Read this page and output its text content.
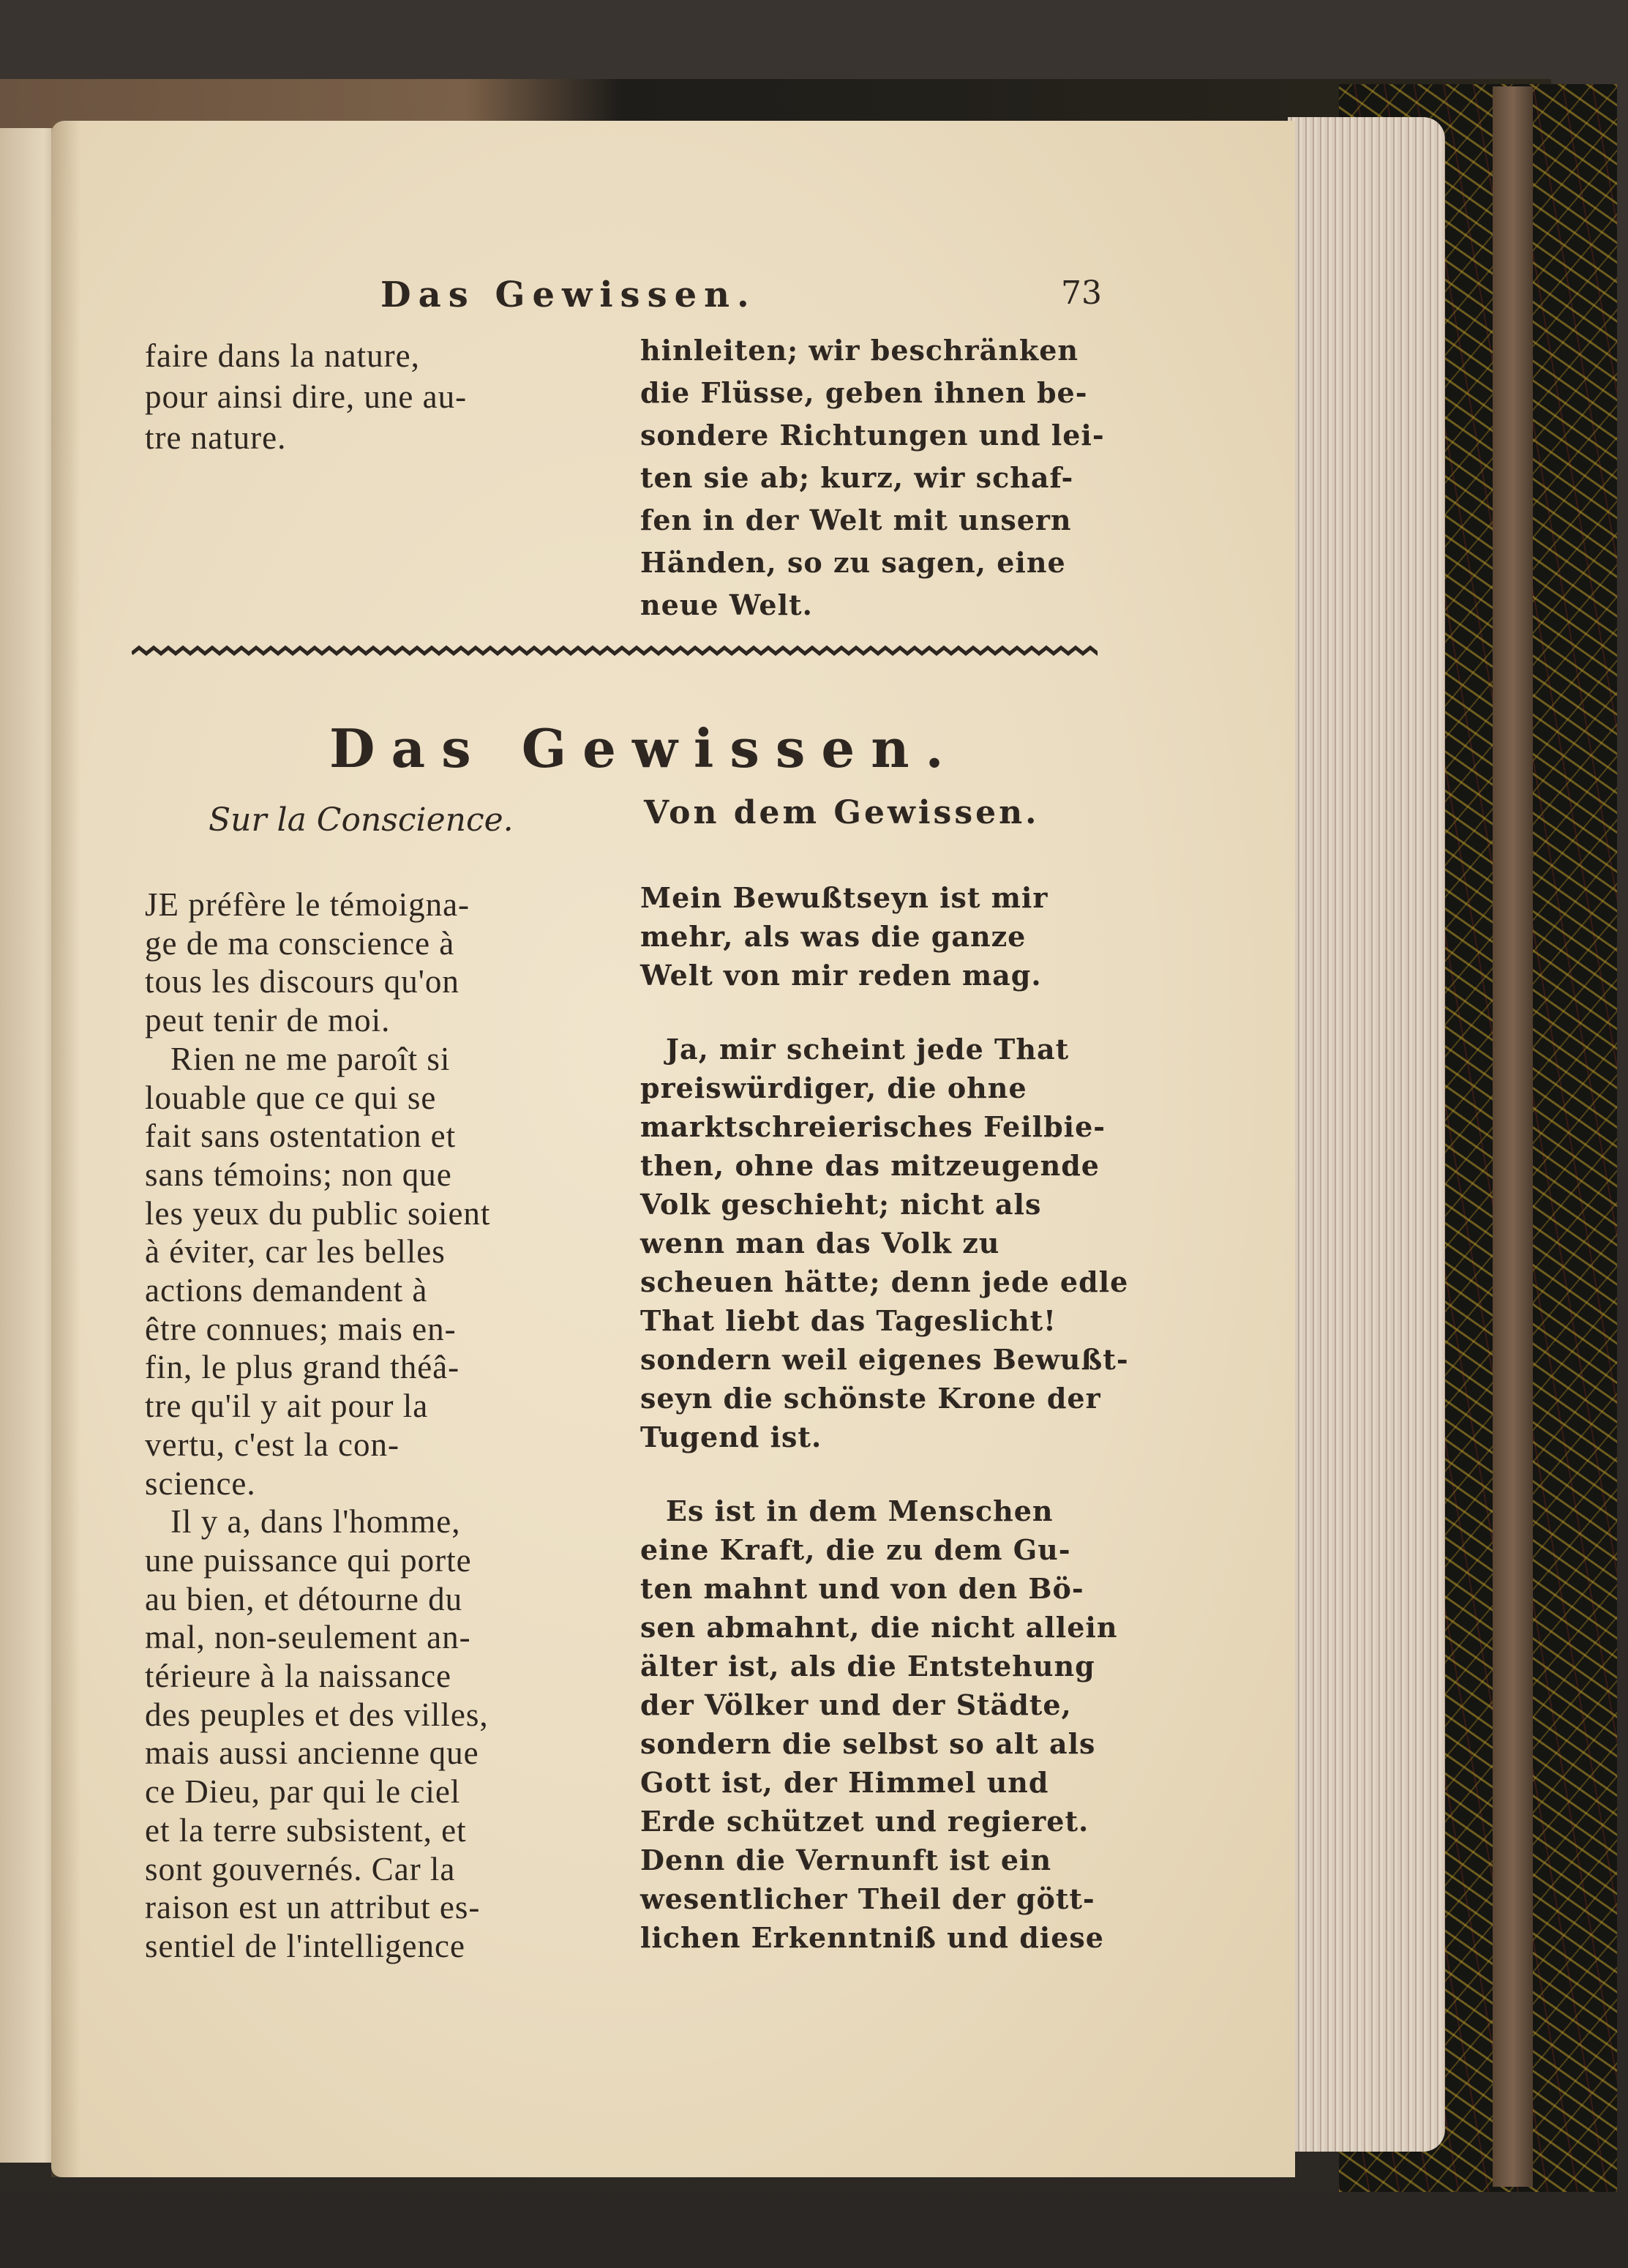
Das Gewissen.	73

faire dans la nature,
pour ainsi dire, une au-
tre nature.
hinleiten; wir beschränken
die Flüsse, geben ihnen be-
sondere Richtungen und lei-
ten sie ab; kurz, wir schaf-
fen in der Welt mit unsern
Händen, so zu sagen, eine
neue Welt.

Das Gewissen.

Sur la Conscience.	Von dem Gewissen.

JE préfère le témoigna-
ge de ma conscience à
tous les discours qu'on
peut tenir de moi.
Rien ne me paroît si
louable que ce qui se
fait sans ostentation et
sans témoins; non que
les yeux du public soient
à éviter, car les belles
actions demandent à
être connues; mais en-
fin, le plus grand théâ-
tre qu'il y ait pour la
vertu, c'est la con-
science.
Il y a, dans l'homme,
une puissance qui porte
au bien, et détourne du
mal, non-seulement an-
térieure à la naissance
des peuples et des villes,
mais aussi ancienne que
ce Dieu, par qui le ciel
et la terre subsistent, et
sont gouvernés. Car la
raison est un attribut es-
sentiel de l'intelligence
Mein Bewußtseyn ist mir
mehr, als was die ganze
Welt von mir reden mag.
Ja, mir scheint jede That
preiswürdiger, die ohne
marktschreierisches Feilbie-
then, ohne das mitzeugende
Volk geschieht; nicht als
wenn man das Volk zu
scheuen hätte; denn jede edle
That liebt das Tageslicht!
sondern weil eigenes Bewußt-
seyn die schönste Krone der
Tugend ist.
Es ist in dem Menschen
eine Kraft, die zu dem Gu-
ten mahnt und von den Bö-
sen abmahnt, die nicht allein
älter ist, als die Entstehung
der Völker und der Städte,
sondern die selbst so alt als
Gott ist, der Himmel und
Erde schützet und regieret.
Denn die Vernunft ist ein
wesentlicher Theil der gött-
lichen Erkenntniß und diese
